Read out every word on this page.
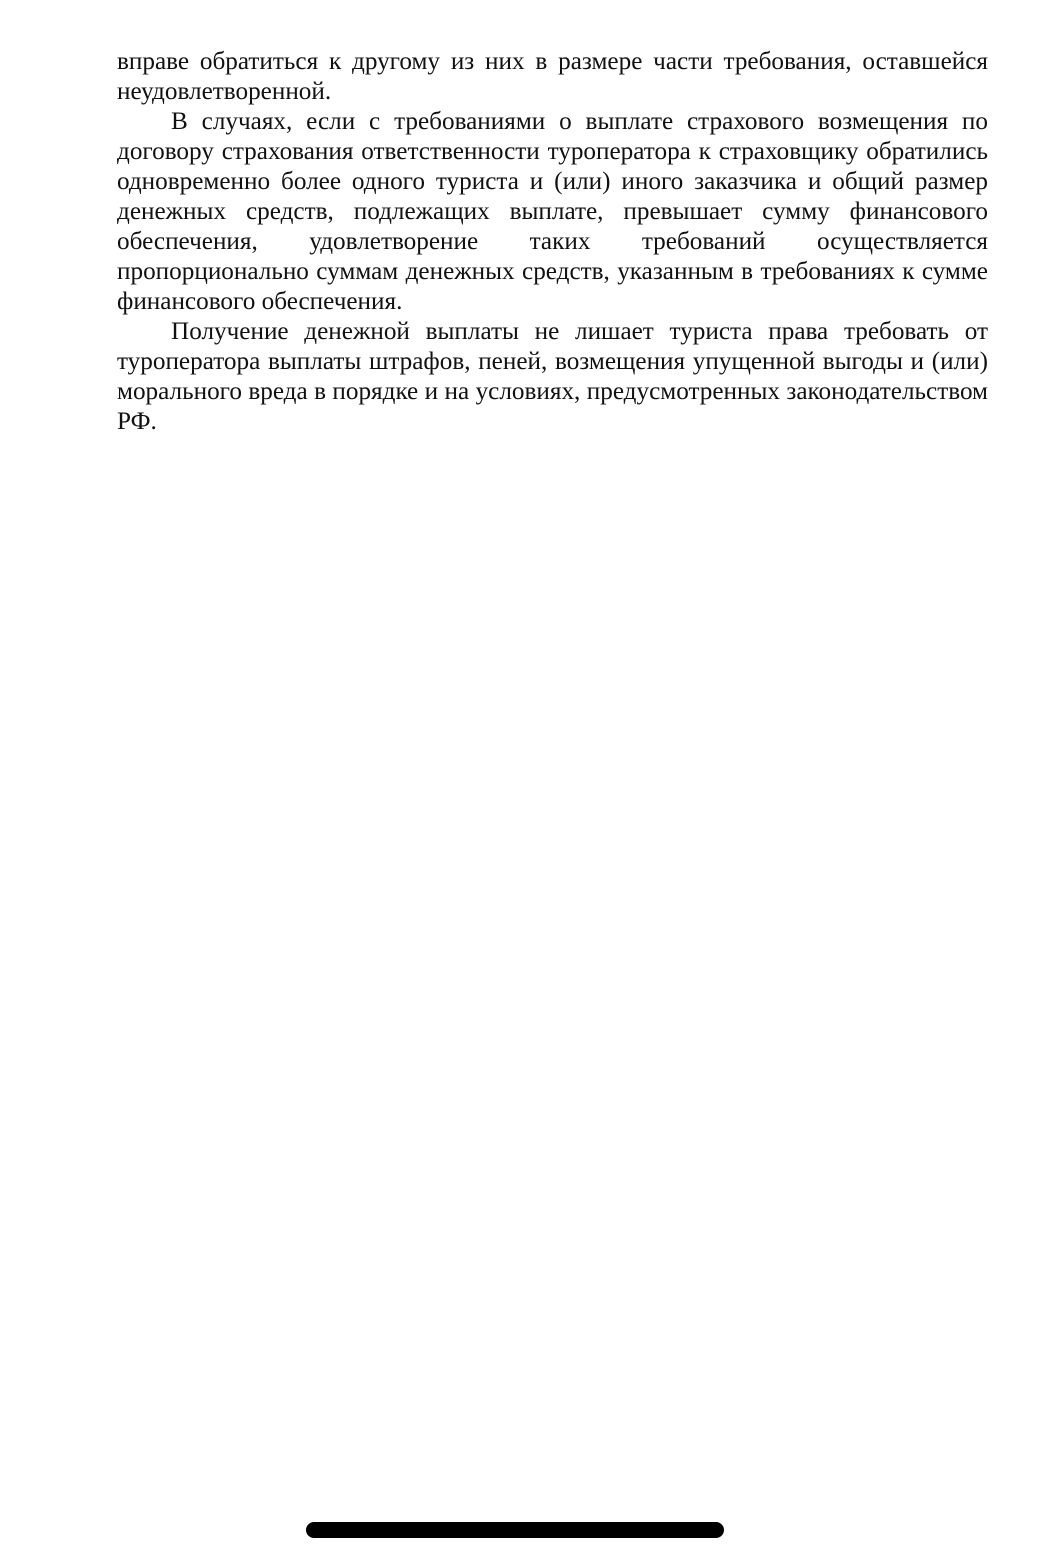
вправе обратиться к другому из них в размере части требования, оставшейся неудовлетворенной.

В случаях, если с требованиями о выплате страхового возмещения по договору страхования ответственности туроператора к страховщику обратились одновременно более одного туриста и (или) иного заказчика и общий размер денежных средств, подлежащих выплате, превышает сумму финансового обеспечения, удовлетворение таких требований осуществляется пропорционально суммам денежных средств, указанным в требованиях к сумме финансового обеспечения.

Получение денежной выплаты не лишает туриста права требовать от туроператора выплаты штрафов, пеней, возмещения упущенной выгоды и (или) морального вреда в порядке и на условиях, предусмотренных законодательством РФ.
